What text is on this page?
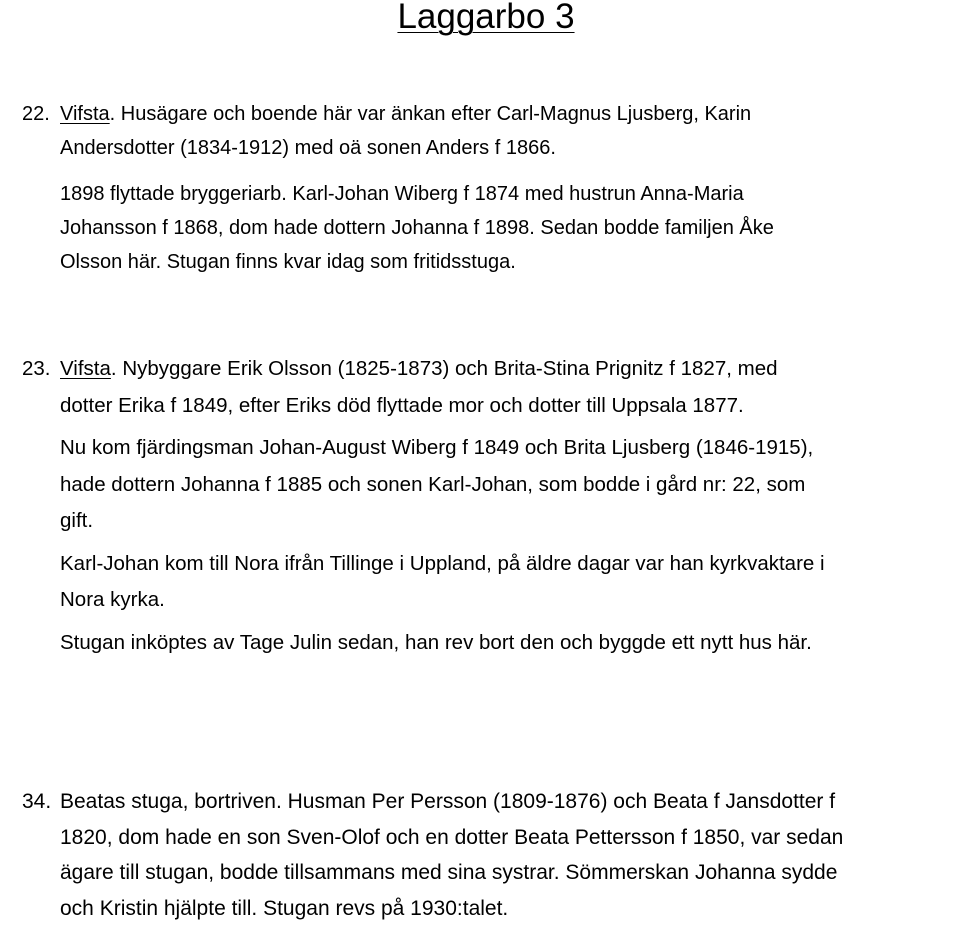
Laggarbo 3
22. Vifsta. Husägare och boende här var änkan efter Carl-Magnus Ljusberg, Karin
Andersdotter (1834-1912) med oä sonen Anders f 1866.

1898 flyttade bryggeriarb. Karl-Johan Wiberg f 1874 med hustrun Anna-Maria
Johansson f 1868, dom hade dottern Johanna f 1898. Sedan bodde familjen Åke
Olsson här. Stugan finns kvar idag som fritidsstuga.

23. Vifsta. Nybyggare Erik Olsson (1825-1873) och Brita-Stina Prignitz f 1827, med
dotter Erika f 1849, efter Eriks död flyttade mor och dotter till Uppsala 1877.

Nu kom fjärdingsman Johan-August Wiberg f 1849 och Brita Ljusberg (1846-1915),
hade dottern Johanna f 1885 och sonen Karl-Johan, som bodde i gård nr: 22, som
gift.

Karl-Johan kom till Nora ifrån Tillinge i Uppland, på äldre dagar var han kyrkvaktare i
Nora kyrka.

Stugan inköptes av Tage Julin sedan, han rev bort den och byggde ett nytt hus här.

34. Beatas stuga, bortriven. Husman Per Persson (1809-1876) och Beata f Jansdotter f
1820, dom hade en son Sven-Olof och en dotter Beata Pettersson f 1850, var sedan
ägare till stugan, bodde tillsammans med sina systrar. Sömmerskan Johanna sydde
och Kristin hjälpte till. Stugan revs på 1930:talet.
